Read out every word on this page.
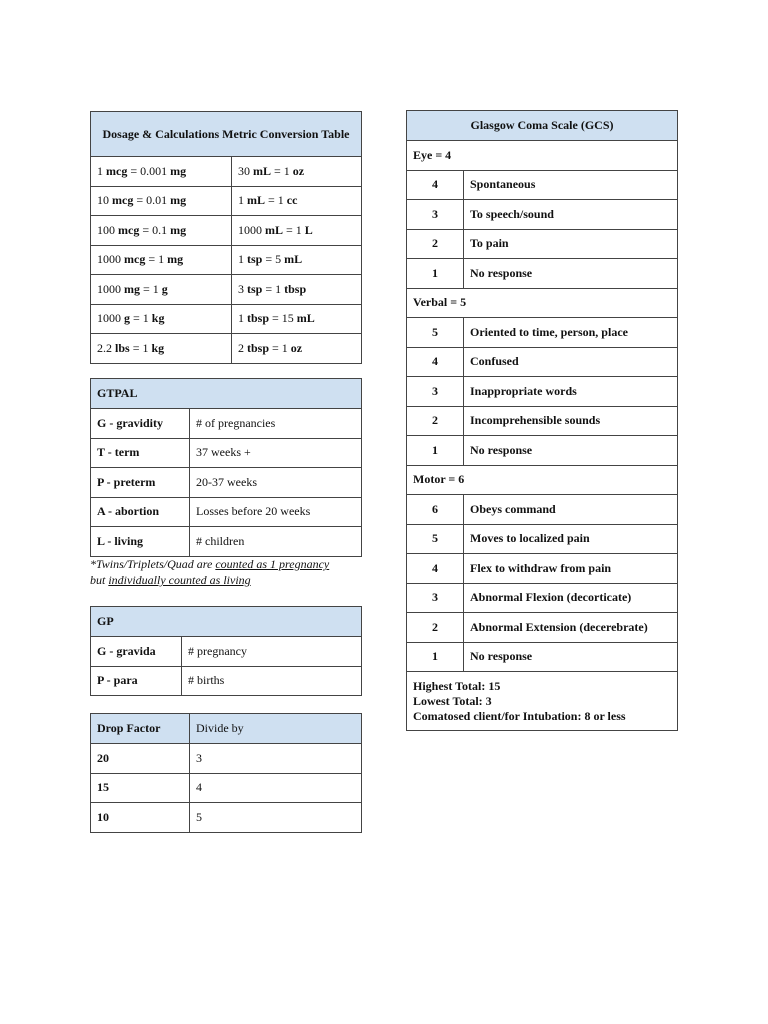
Dosage & Calculations Metric Conversion Table	
1 mcg = 0.001 mg	30 mL = 1 oz
10 mcg = 0.01 mg	1 mL = 1 cc
100 mcg = 0.1 mg	1000 mL = 1 L
1000 mcg = 1 mg	1 tsp = 5 mL
1000 mg = 1 g	3 tsp = 1 tbsp
1000 g = 1 kg	1 tbsp = 15 mL
2.2 lbs = 1 kg	2 tbsp = 1 oz
GTPAL	
G - gravidity	# of pregnancies
T - term	37 weeks +
P - preterm	20-37 weeks
A - abortion	Losses before 20 weeks
L - living	# children
*Twins/Triplets/Quad are counted as 1 pregnancy
but individually counted as living
GP	
G - gravida	# pregnancy
P - para	# births
Drop Factor	Divide by
20	3
15	4
10	5
Glasgow Coma Scale (GCS)	
Eye = 4	
4	Spontaneous
3	To speech/sound
2	To pain
1	No response
Verbal = 5	
5	Oriented to time, person, place
4	Confused
3	Inappropriate words
2	Incomprehensible sounds
1	No response
Motor = 6	
6	Obeys command
5	Moves to localized pain
4	Flex to withdraw from pain
3	Abnormal Flexion (decorticate)
2	Abnormal Extension (decerebrate)
1	No response

Highest Total: 15
Lowest Total: 3
Comatosed client/for Intubation: 8 or less	
